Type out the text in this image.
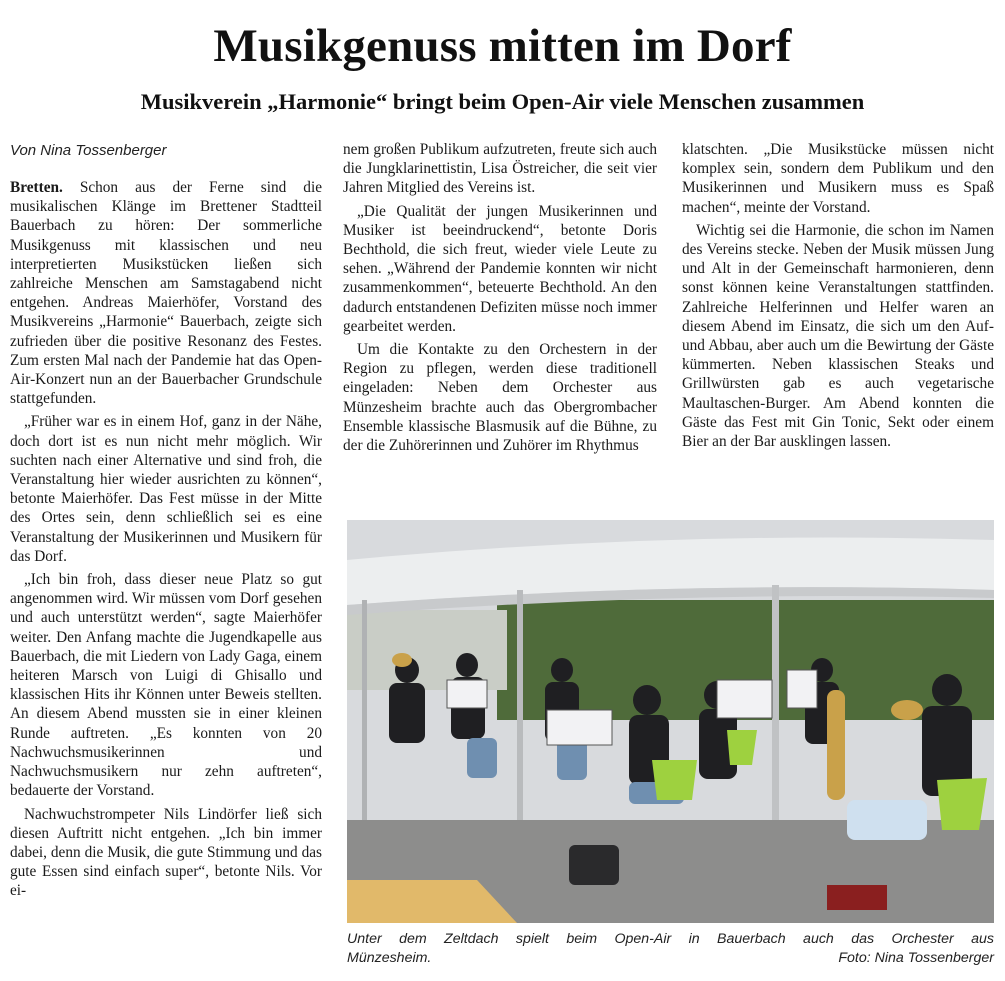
Musikgenuss mitten im Dorf
Musikverein „Harmonie“ bringt beim Open-Air viele Menschen zusammen
Von Nina Tossenberger

Bretten. Schon aus der Ferne sind die musikalischen Klänge im Brettener Stadtteil Bauerbach zu hören: Der sommerliche Musikgenuss mit klassischen und neu interpretierten Musikstücken ließen sich zahlreiche Menschen am Samstagabend nicht entgehen. Andreas Maierhöfer, Vorstand des Musikvereins „Harmonie“ Bauerbach, zeigte sich zufrieden über die positive Resonanz des Festes. Zum ersten Mal nach der Pandemie hat das Open-Air-Konzert nun an der Bauerbacher Grundschule stattgefunden.

„Früher war es in einem Hof, ganz in der Nähe, doch dort ist es nun nicht mehr möglich. Wir suchten nach einer Alternative und sind froh, die Veranstaltung hier wieder ausrichten zu können“, betonte Maierhöfer. Das Fest müsse in der Mitte des Ortes sein, denn schließlich sei es eine Veranstaltung der Musikerinnen und Musikern für das Dorf.

„Ich bin froh, dass dieser neue Platz so gut angenommen wird. Wir müssen vom Dorf gesehen und auch unterstützt werden“, sagte Maierhöfer weiter. Den Anfang machte die Jugendkapelle aus Bauerbach, die mit Liedern von Lady Gaga, einem heiteren Marsch von Luigi di Ghisallo und klassischen Hits ihr Können unter Beweis stellten. An diesem Abend mussten sie in einer kleinen Runde auftreten. „Es konnten von 20 Nachwuchsmusikerinnen und Nachwuchsmusikern nur zehn auftreten“, bedauerte der Vorstand.

Nachwuchstrompeter Nils Lindörfer ließ sich diesen Auftritt nicht entgehen. „Ich bin immer dabei, denn die Musik, die gute Stimmung und das gute Essen sind einfach super“, betonte Nils. Vor ei-

nem großen Publikum aufzutreten, freute sich auch die Jungklarinettistin, Lisa Östreicher, die seit vier Jahren Mitglied des Vereins ist.

„Die Qualität der jungen Musikerinnen und Musiker ist beeindruckend“, betonte Doris Bechthold, die sich freut, wieder viele Leute zu sehen. „Während der Pandemie konnten wir nicht zusammenkommen“, beteuerte Bechthold. An den dadurch entstandenen Defiziten müsse noch immer gearbeitet werden.

Um die Kontakte zu den Orchestern in der Region zu pflegen, werden diese traditionell eingeladen: Neben dem Orchester aus Münzesheim brachte auch das Obergrombacher Ensemble klassische Blasmusik auf die Bühne, zu der die Zuhörerinnen und Zuhörer im Rhythmus

klatschten. „Die Musikstücke müssen nicht komplex sein, sondern dem Publikum und den Musikerinnen und Musikern muss es Spaß machen“, meinte der Vorstand.

Wichtig sei die Harmonie, die schon im Namen des Vereins stecke. Neben der Musik müssen Jung und Alt in der Gemeinschaft harmonieren, denn sonst können keine Veranstaltungen stattfinden. Zahlreiche Helferinnen und Helfer waren an diesem Abend im Einsatz, die sich um den Auf- und Abbau, aber auch um die Bewirtung der Gäste kümmerten. Neben klassischen Steaks und Grillwürsten gab es auch vegetarische Maultaschen-Burger. Am Abend konnten die Gäste das Fest mit Gin Tonic, Sekt oder einem Bier an der Bar ausklingen lassen.

Unter dem Zeltdach spielt beim Open-Air in Bauerbach auch das Orchester aus
Münzesheim.	Foto: Nina Tossenberger
